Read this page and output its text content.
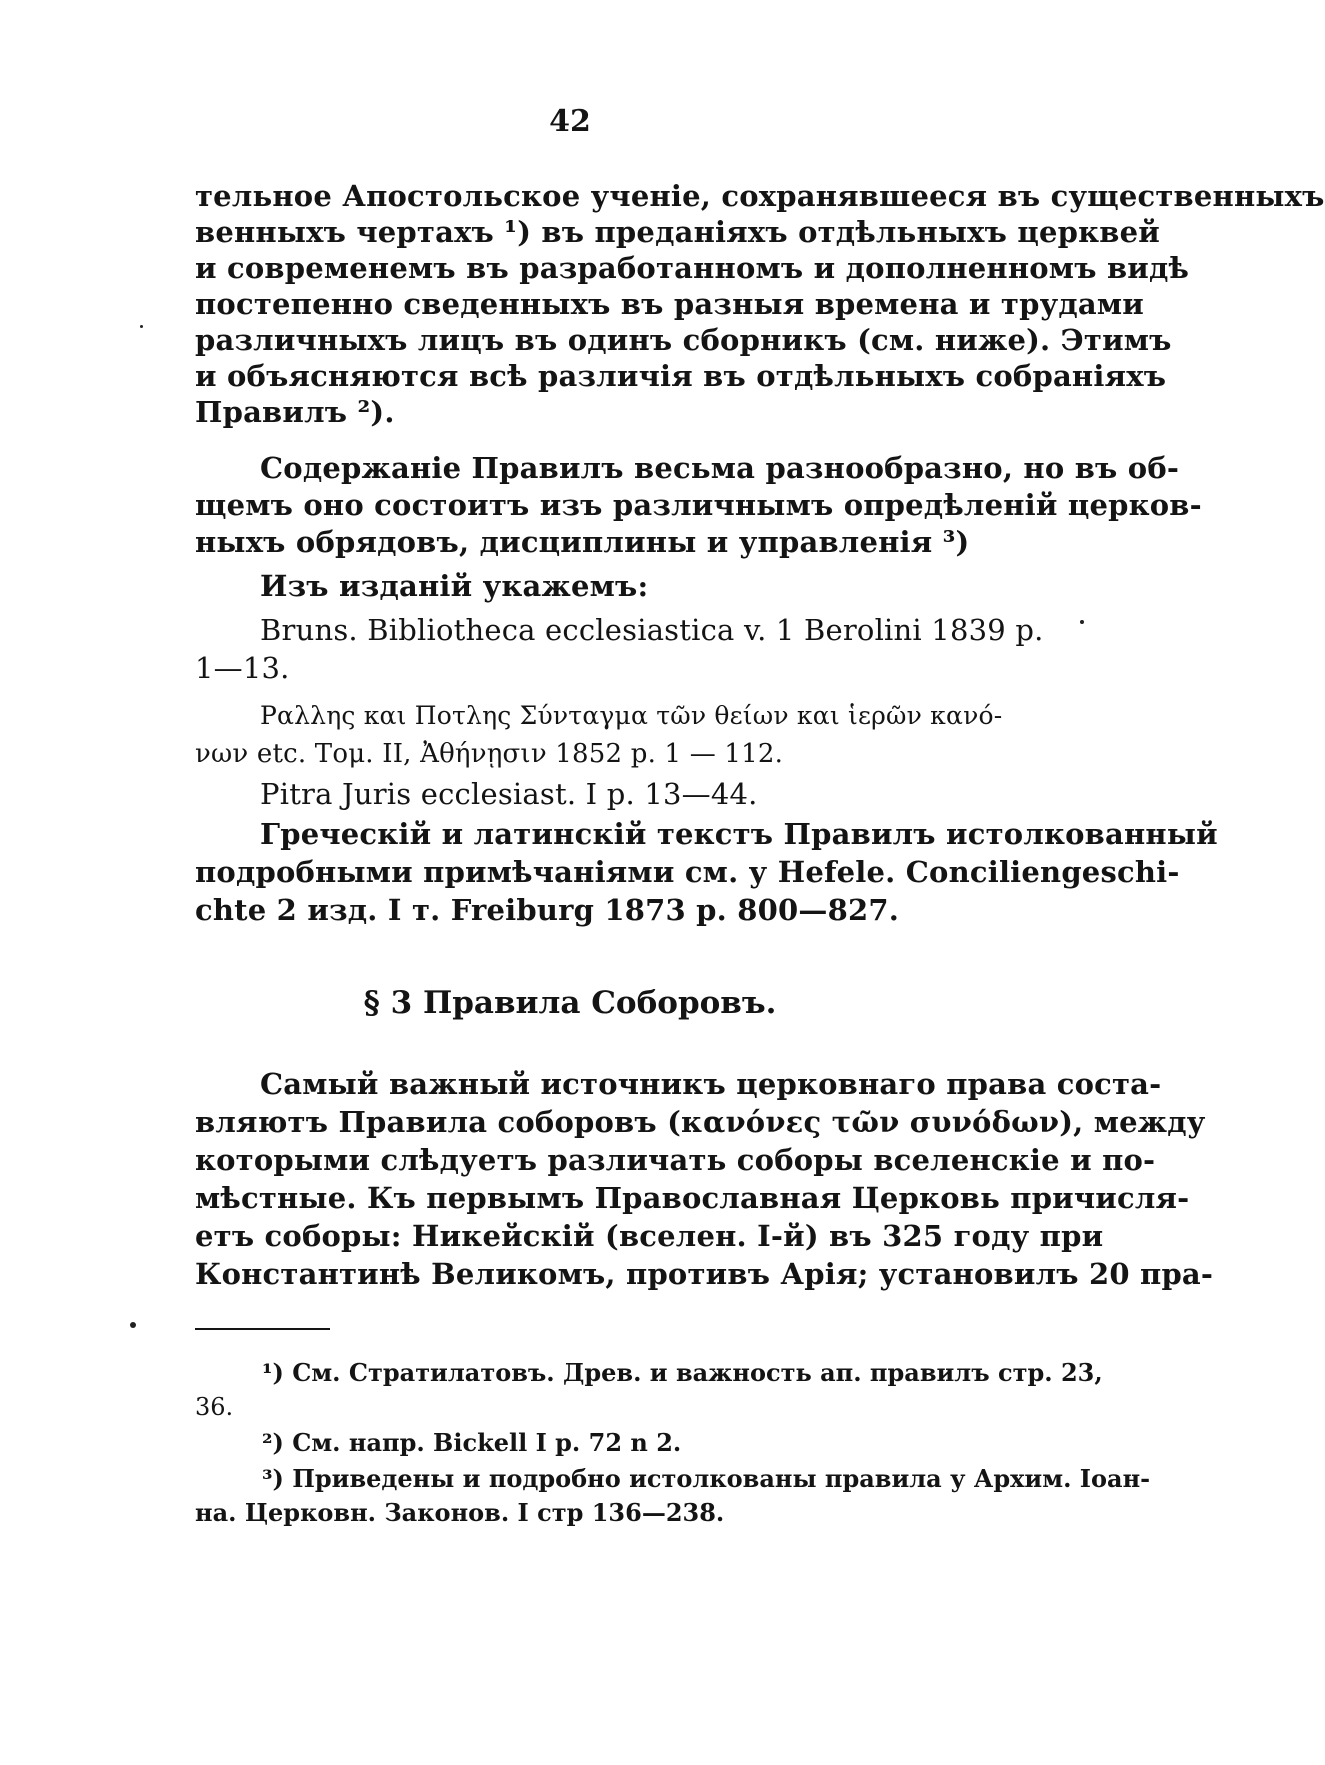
42
тельное Апостольское ученіе, сохранявшееся въ существенныхъ
венныхъ чертахъ ¹) въ преданіяхъ отдѣльныхъ церквей
и современемъ въ разработанномъ и дополненномъ видѣ
постепенно сведенныхъ въ разныя времена и трудами
различныхъ лицъ въ одинъ сборникъ (см. ниже). Этимъ
и объясняются всѣ различія въ отдѣльныхъ собраніяхъ
Правилъ ²).
Содержаніе Правилъ весьма разнообразно, но въ об-
щемъ оно состоитъ изъ различнымъ опредѣленій церков-
ныхъ обрядовъ, дисциплины и управленія ³)
Изъ изданій укажемъ:
Bruns. Bibliotheca ecclesiastica v. 1 Berolini 1839 p.
1—13.
Ραλλης και Ποτλης Σύνταγμα τῶν θείων και ἱερῶν κανό-
νων etc. Τομ. II, Ἀθήνῃσιν 1852 p. 1 — 112.
Pitra Juris ecclesiast. I p. 13—44.
Греческій и латинскій текстъ Правилъ истолкованный
подробными примѣчаніями см. у Hefele. Conciliengeschi-
chte 2 изд. I т. Freiburg 1873 p. 800—827.
§ 3 Правила Соборовъ.
Самый важный источникъ церковнаго права соста-
вляютъ Правила соборовъ (κανόνες τῶν συνόδων), между
которыми слѣдуетъ различать соборы вселенскіе и по-
мѣстные. Къ первымъ Православная Церковь причисля-
етъ соборы: Никейскій (вселен. I-й) въ 325 году при
Константинѣ Великомъ, противъ Арія; установилъ 20 пра-
¹) См. Стратилатовъ. Древ. и важность ап. правилъ стр. 23,
36.
²) См. напр. Bickell I p. 72 n 2.
³) Приведены и подробно истолкованы правила у Архим. Іоан-
на. Церковн. Законов. I стр 136—238.
